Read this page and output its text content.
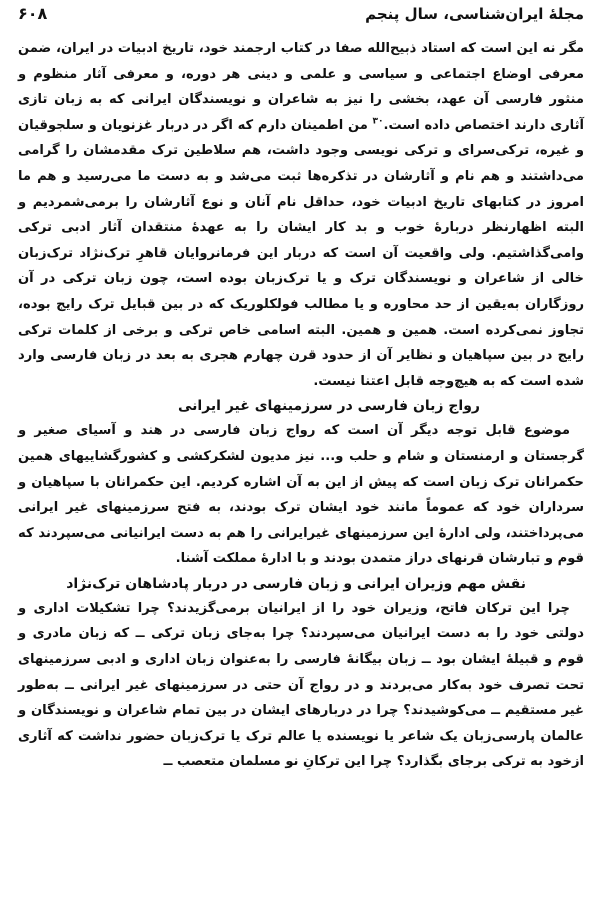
مجلهٔ ایران‌شناسی، سال پنجم
۶۰۸

مگر نه این است که استاد ذبیح‌الله صفا در کتاب ارجمند خود، تاریخ ادبیات در ایران، ضمن معرفی اوضاع اجتماعی و سیاسی و علمی و دینی هر دوره، و معرفی آثار منظوم و منثور فارسی آن عهد، بخشی را نیز به شاعران و نویسندگان ایرانی که به زبان تازی آثاری دارند اختصاص داده است.$^{۳۰}$ من اطمینان دارم که اگر در دربار غزنویان و سلجوقیان و غیره، ترکی‌سرای و ترکی نویسی وجود داشت، هم سلاطین ترک مقدمشان را گرامی می‌داشتند و هم نام و آثارشان در تذکره‌ها ثبت می‌شد و به دست ما می‌رسید و هم ما امروز در کتابهای تاریخ ادبیات خود، حداقل نام آنان و نوع آثارشان را برمی‌شمردیم و البته اظهارنظر دربارهٔ خوب و بد کار ایشان را به عهدهٔ منتقدان آثار ادبی ترکی وامی‌گذاشتیم. ولی واقعیت آن است که دربار این فرمانروایان قاهرِ ترک‌نژاد ترک‌زبان خالی از شاعران و نویسندگان ترک و یا ترک‌زبان بوده است، چون زبان ترکی در آن روزگاران به‌یقین از حد محاوره و یا مطالب فولکلوریک که در بین قبایل ترک رایج بوده، تجاوز نمی‌کرده است. همین و همین. البته اسامی خاص ترکی و برخی از کلمات ترکی رایج در بین سپاهیان و نظایر آن از حدود قرن چهارم هجری به بعد در زبان فارسی وارد شده است که به هیچ‌وجه قابل اعتنا نیست.

رواج زبان فارسی در سرزمینهای غیر ایرانی

موضوع قابل توجه دیگر آن است که رواج زبان فارسی در هند و آسیای صغیر و گرجستان و ارمنستان و شام و حلب و... نیز مدیون لشکرکشی و کشورگشاییهای همین حکمرانان ترک زبان است که پیش از این به آن اشاره کردیم. این حکمرانان با سپاهیان و سرداران خود که عموماً مانند خود ایشان ترک بودند، به فتح سرزمینهای غیر ایرانی می‌پرداختند، ولی ادارهٔ این سرزمینهای غیرایرانی را هم به دست ایرانیانی می‌سپردند که قوم و تبارشان قرنهای دراز متمدن بودند و با ادارهٔ مملکت آشنا.

نقش مهم وزیران ایرانی و زبان فارسی در دربار پادشاهان ترک‌نژاد

چرا این ترکان فاتح، وزیران خود را از ایرانیان برمی‌گزیدند؟ چرا تشکیلات اداری و دولتی خود را به دست ایرانیان می‌سپردند؟ چرا به‌جای زبان ترکی ــ که زبان مادری و قوم و قبیلهٔ ایشان بود ــ زبان بیگانهٔ فارسی را به‌عنوان زبان اداری و ادبی سرزمینهای تحت تصرف خود به‌کار می‌بردند و در رواج آن حتی در سرزمینهای غیر ایرانی ــ به‌طور غیر مستقیم ــ می‌کوشیدند؟ چرا در دربارهای ایشان در بین تمام شاعران و نویسندگان و عالمان پارسی‌زبان یک شاعر یا نویسنده یا عالم ترک یا ترک‌زبان حضور نداشت که آثاری ازخود به ترکی برجای بگذارد؟ چرا این ترکانِ نو مسلمان متعصب ــ
